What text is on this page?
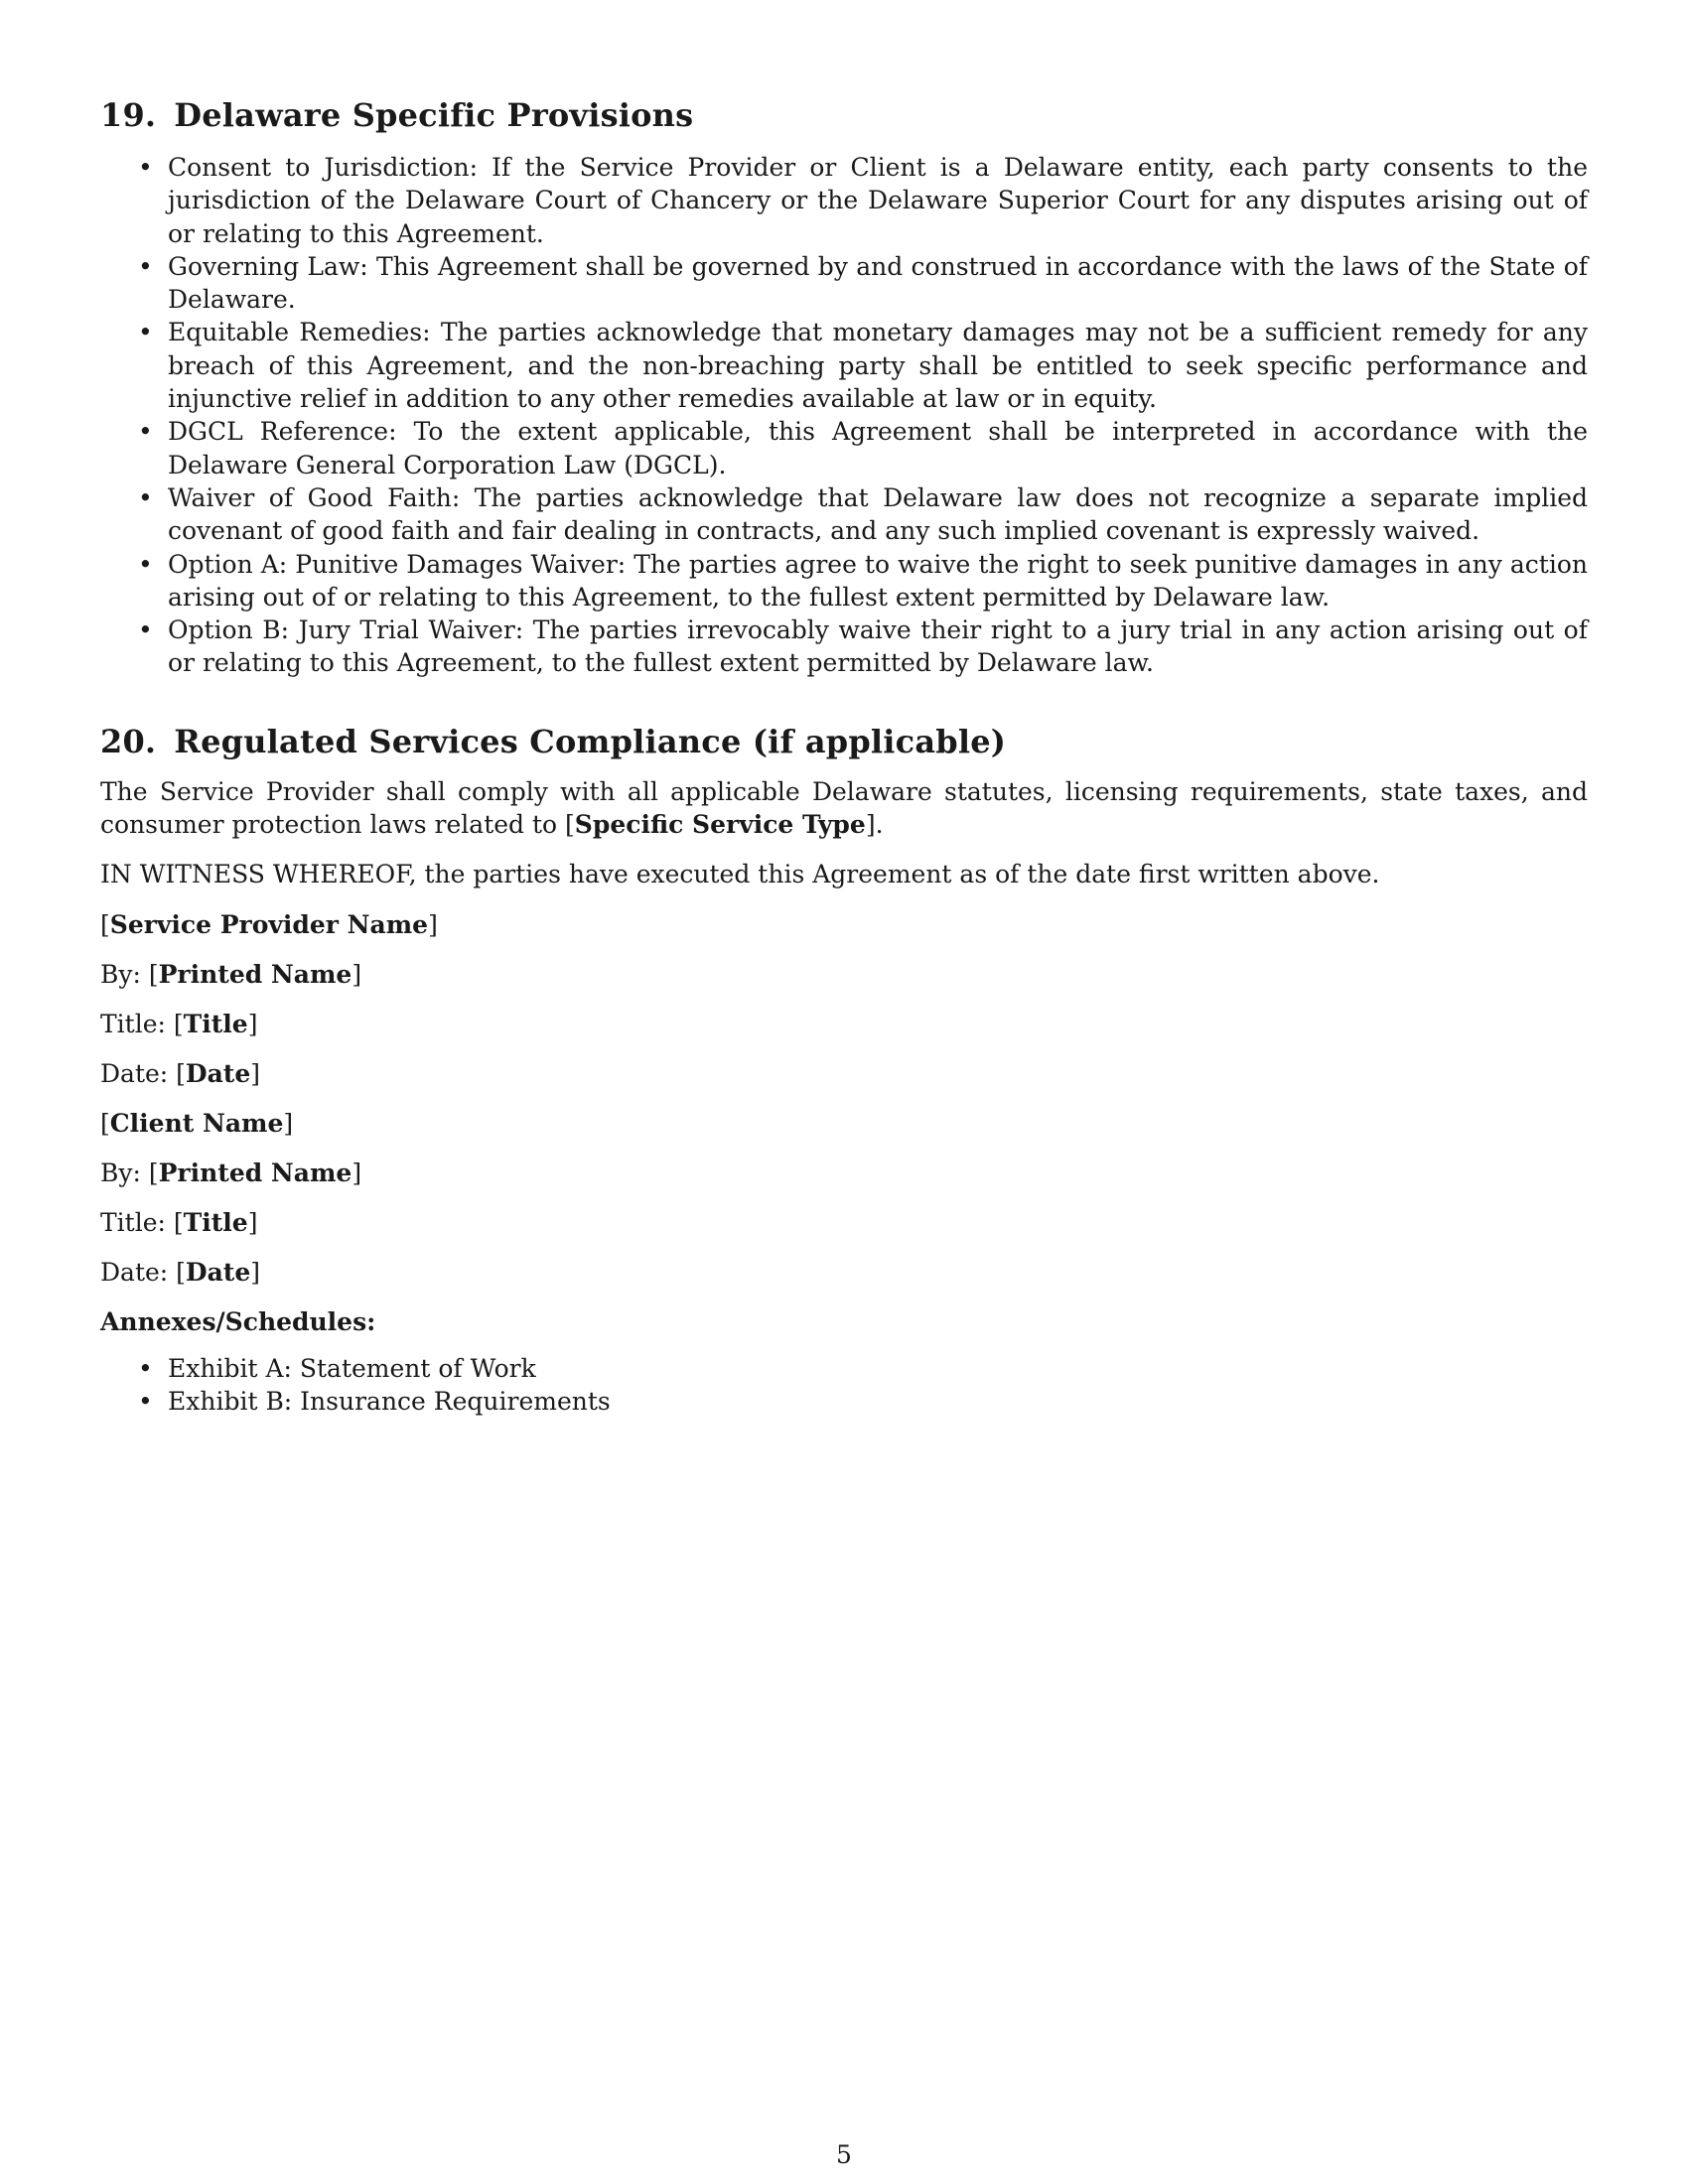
19. Delaware Specific Provisions
• Consent to Jurisdiction: If the Service Provider or Client is a Delaware entity, each party consents to the jurisdiction of the Delaware Court of Chancery or the Delaware Superior Court for any disputes arising out of or relating to this Agreement.
• Governing Law: This Agreement shall be governed by and construed in accordance with the laws of the State of Delaware.
• Equitable Remedies: The parties acknowledge that monetary damages may not be a sufficient remedy for any breach of this Agreement, and the non-breaching party shall be entitled to seek specific performance and injunctive relief in addition to any other remedies available at law or in equity.
• DGCL Reference: To the extent applicable, this Agreement shall be interpreted in accordance with the Delaware General Corporation Law (DGCL).
• Waiver of Good Faith: The parties acknowledge that Delaware law does not recognize a separate implied covenant of good faith and fair dealing in contracts, and any such implied covenant is expressly waived.
• Option A: Punitive Damages Waiver: The parties agree to waive the right to seek punitive damages in any action arising out of or relating to this Agreement, to the fullest extent permitted by Delaware law.
• Option B: Jury Trial Waiver: The parties irrevocably waive their right to a jury trial in any action arising out of or relating to this Agreement, to the fullest extent permitted by Delaware law.
20. Regulated Services Compliance (if applicable)

The Service Provider shall comply with all applicable Delaware statutes, licensing requirements, state taxes, and consumer protection laws related to [Specific Service Type].

IN WITNESS WHEREOF, the parties have executed this Agreement as of the date first written above.

[Service Provider Name]
By: [Printed Name]
Title: [Title]
Date: [Date]
[Client Name]
By: [Printed Name]
Title: [Title]
Date: [Date]
Annexes/Schedules:
• Exhibit A: Statement of Work
• Exhibit B: Insurance Requirements
5
